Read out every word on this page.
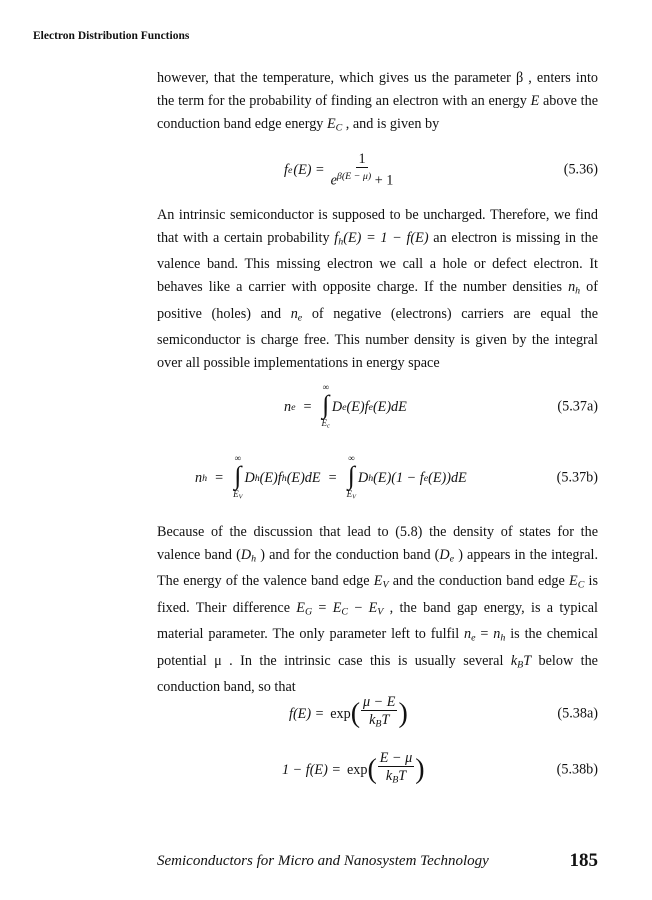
Electron Distribution Functions

however, that the temperature, which gives us the parameter β , enters into the term for the probability of finding an electron with an energy E above the conduction band edge energy $E_C$ , and is given by

f e $(E) = \frac{1}{e^{\beta(E - \mu)} + 1}$	(5.36)

An intrinsic semiconductor is supposed to be uncharged. Therefore, we find that with a certain probability $f_h(E) = 1 - f(E)$ an electron is missing in the valence band. This missing electron we call a hole or defect electron. It behaves like a carrier with opposite charge. If the number densities $n_h$ of positive (holes) and $n_e$ of negative (electrons) carriers are equal the semiconductor is charge free. This number density is given by the integral over all possible implementations in energy space

n e =
∞
∫
$E_c$
D e (E)f e (E)dE	(5.37a)
n h =
∞
∫
$E_V$
D h (E)f h (E)dE =
∞
∫
$E_V$
D h (E)(1 − f e (E))dE	(5.37b)

Because of the discussion that lead to (5.8) the density of states for the valence band ($D_h$ ) and for the conduction band ($D_e$ ) appears in the integral. The energy of the valence band edge $E_V$ and the conduction band edge $E_C$ is fixed. Their difference $E_G = E_C - E_V$ , the band gap energy, is a typical material parameter. The only parameter left to fulfil $n_e = n_h$ is the chemical potential μ . In the intrinsic case this is usually several $k_BT$ below the conduction band, so that

f(E) = exp ( $\frac{\mu - E}{k_BT}$ )	(5.38a)
1 − f(E) = exp ( $\frac{E - \mu}{k_BT}$ )	(5.38b)
Semiconductors for Micro and Nanosystem Technology	185
